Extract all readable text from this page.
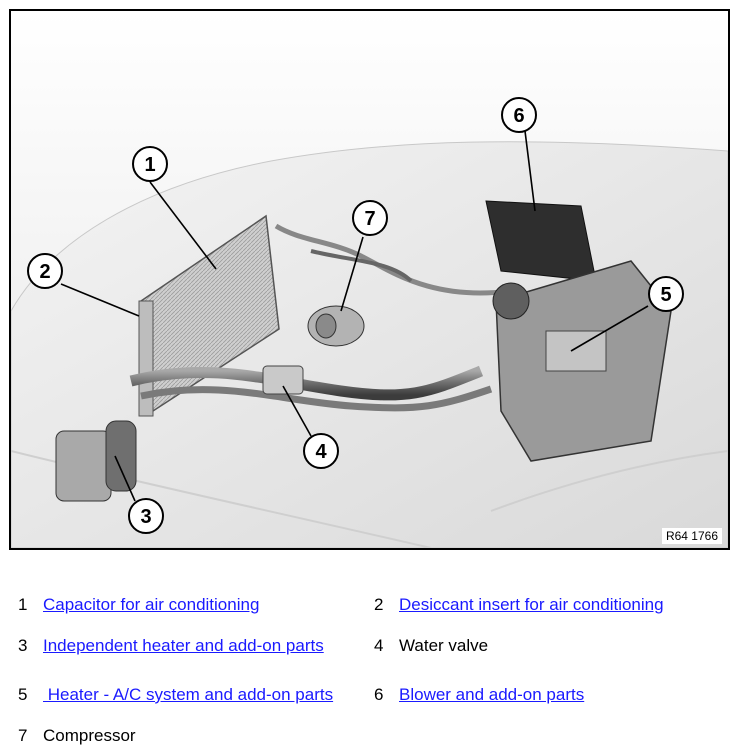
1
2
3
4
5
6
7
R64 1766
1 Capacitor for air conditioning	2 Desiccant insert for air conditioning
3 Independent heater and add-on parts	4 Water valve
5 Heater - A/C system and add-on parts 6 Blower and add-on parts
7 Compressor
